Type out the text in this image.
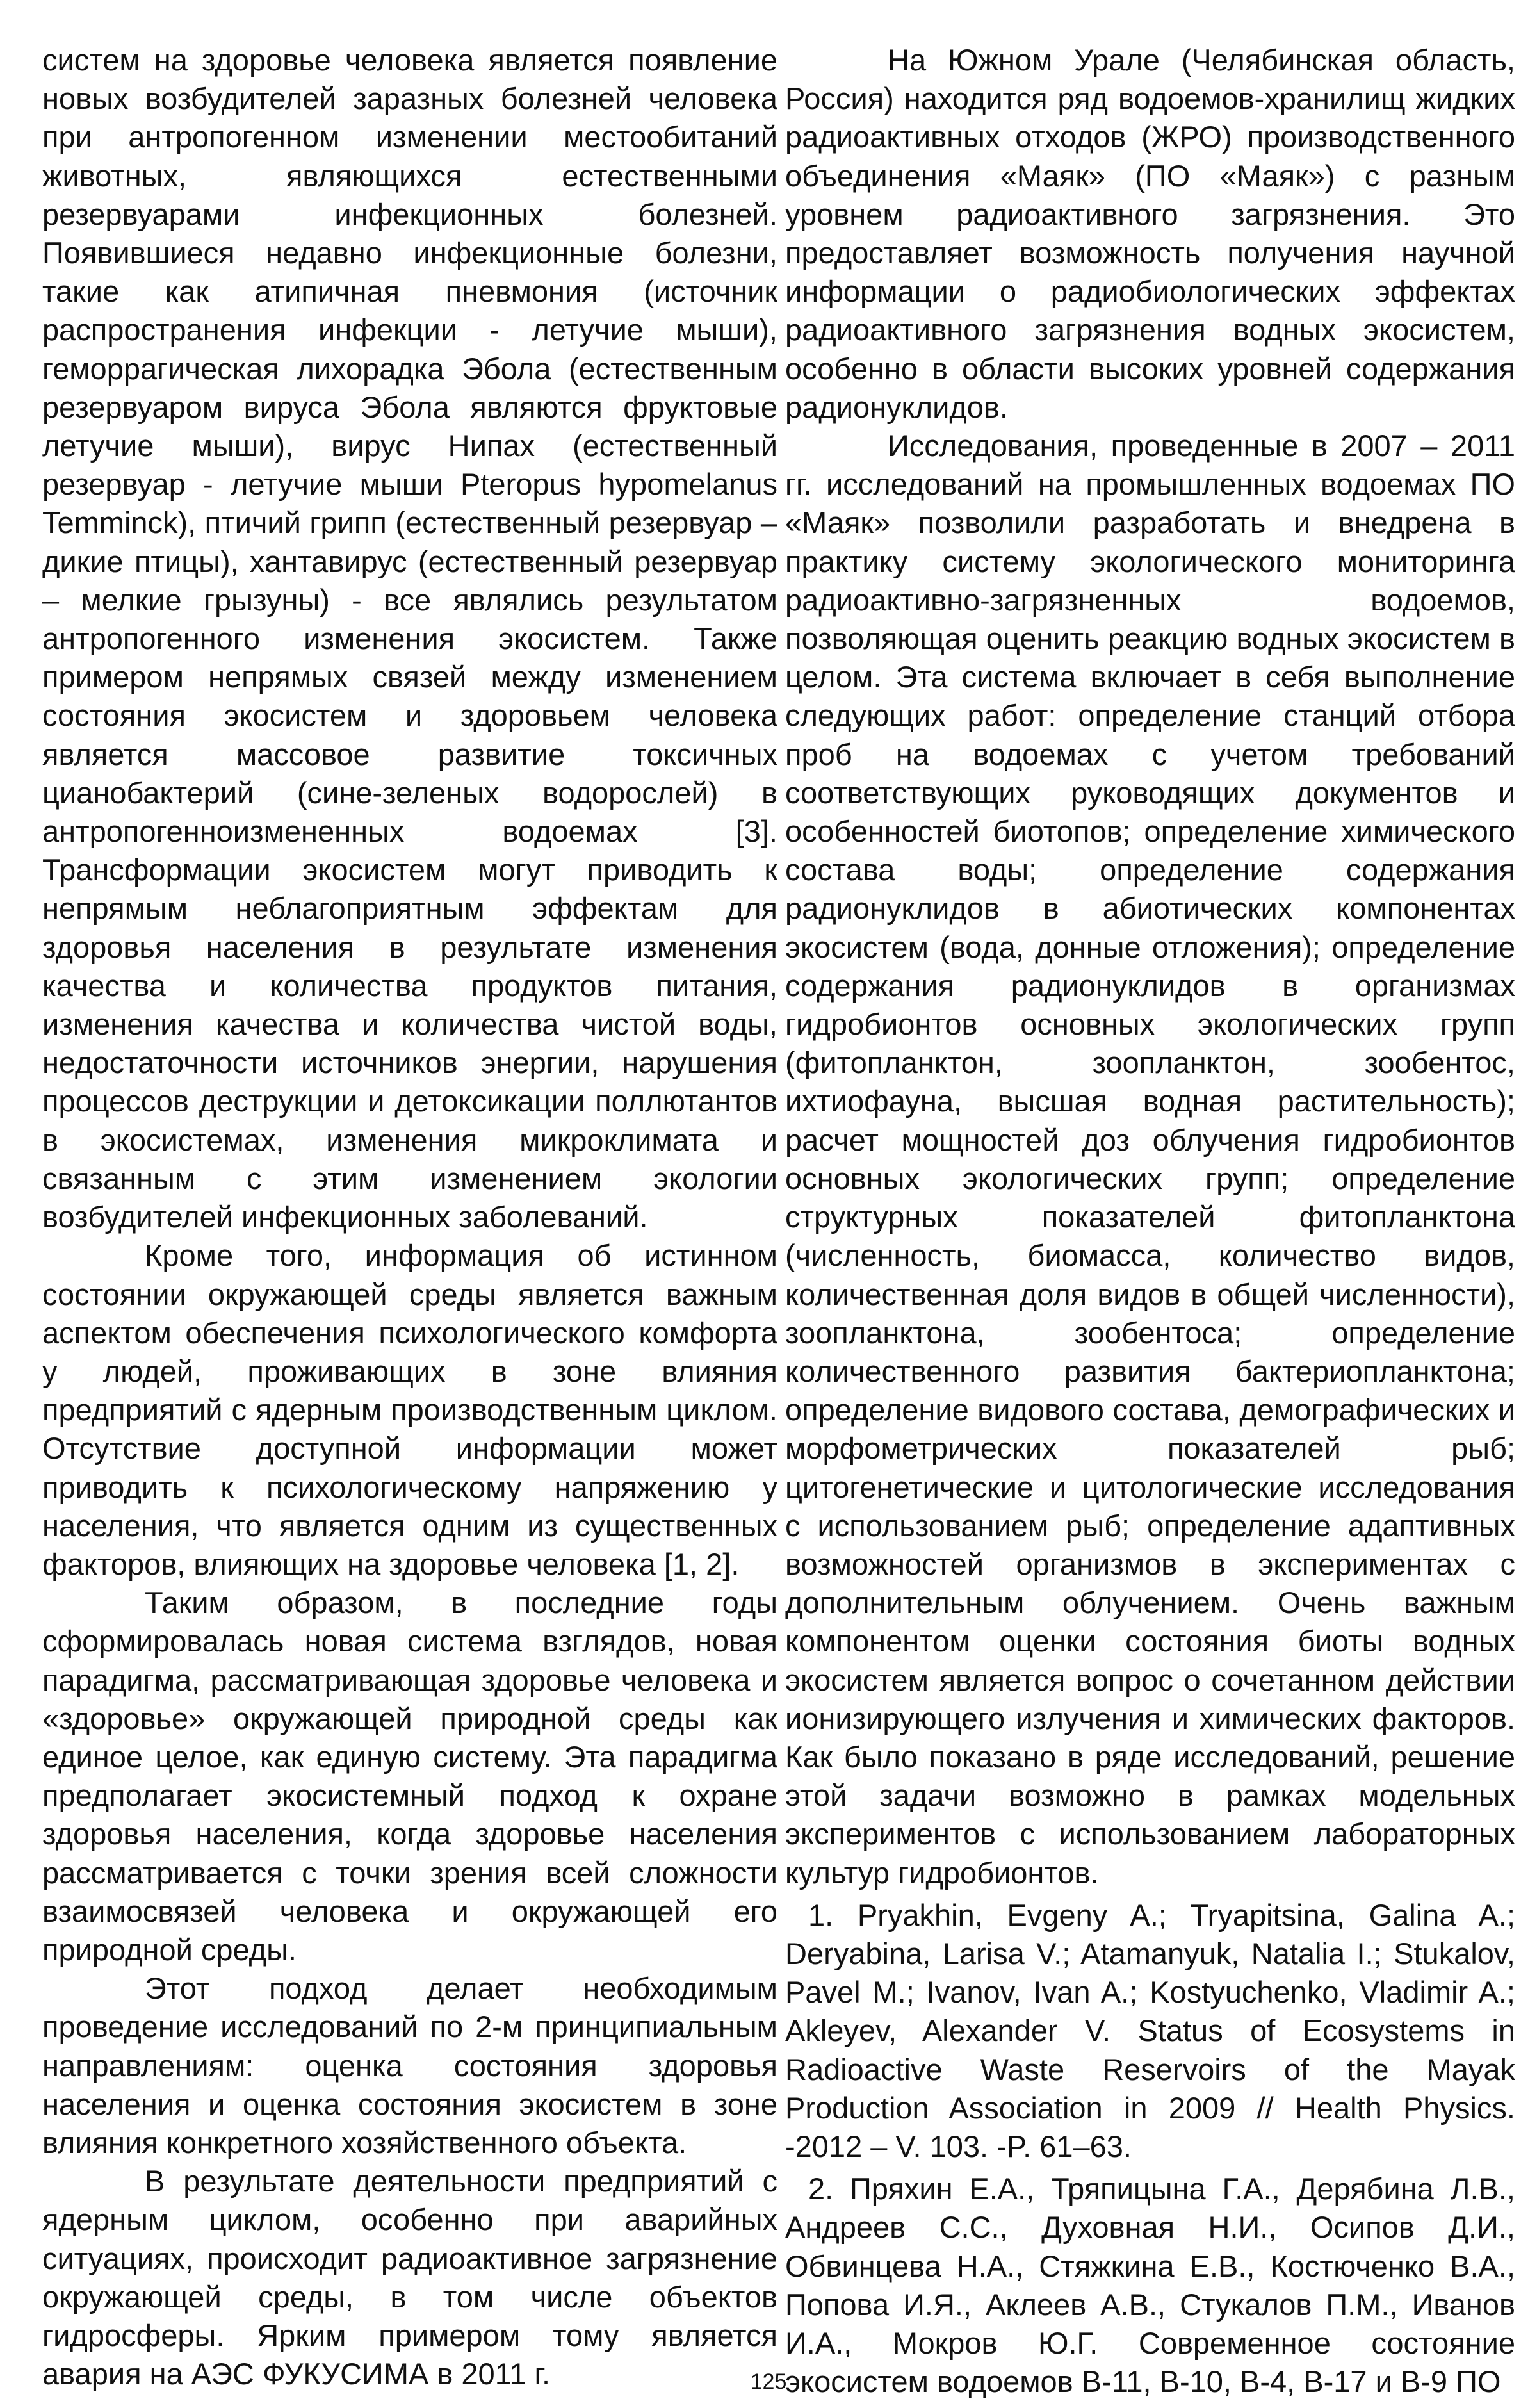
систем на здоровье человека является появление новых возбудителей заразных болезней человека при антропогенном изменении местообитаний животных, являющихся естественными резервуарами инфекционных болезней. Появившиеся недавно инфекционные болезни, такие как атипичная пневмония (источник распространения инфекции - летучие мыши), геморрагическая лихорадка Эбола (естественным резервуаром вируса Эбола являются фруктовые летучие мыши), вирус Нипах (естественный резервуар - летучие мыши Pteropus hypomelanus Temminck), птичий грипп (естественный резервуар – дикие птицы), хантавирус (естественный резервуар – мелкие грызуны) - все являлись результатом антропогенного изменения экосистем. Также примером непрямых связей между изменением состояния экосистем и здоровьем человека является массовое развитие токсичных цианобактерий (сине-зеленых водорослей) в антропогенноизмененных водоемах [3]. Трансформации экосистем могут приводить к непрямым неблагоприятным эффектам для здоровья населения в результате изменения качества и количества продуктов питания, изменения качества и количества чистой воды, недостаточности источников энергии, нарушения процессов деструкции и детоксикации поллютантов в экосистемах, изменения микроклимата и связанным с этим изменением экологии возбудителей инфекционных заболеваний.

Кроме того, информация об истинном состоянии окружающей среды является важным аспектом обеспечения психологического комфорта у людей, проживающих в зоне влияния предприятий с ядерным производственным циклом. Отсутствие доступной информации может приводить к психологическому напряжению у населения, что является одним из существенных факторов, влияющих на здоровье человека [1, 2].

Таким образом, в последние годы сформировалась новая система взглядов, новая парадигма, рассматривающая здоровье человека и «здоровье» окружающей природной среды как единое целое, как единую систему. Эта парадигма предполагает экосистемный подход к охране здоровья населения, когда здоровье населения рассматривается с точки зрения всей сложности взаимосвязей человека и окружающей его природной среды.

Этот подход делает необходимым проведение исследований по 2-м принципиальным направлениям: оценка состояния здоровья населения и оценка состояния экосистем в зоне влияния конкретного хозяйственного объекта.

В результате деятельности предприятий с ядерным циклом, особенно при аварийных ситуациях, происходит радиоактивное загрязнение окружающей среды, в том числе объектов гидросферы. Ярким примером тому является авария на АЭС ФУКУСИМА в 2011 г.

На Южном Урале (Челябинская область, Россия) находится ряд водоемов-хранилищ жидких радиоактивных отходов (ЖРО) производственного объединения «Маяк» (ПО «Маяк») с разным уровнем радиоактивного загрязнения. Это предоставляет возможность получения научной информации о радиобиологических эффектах радиоактивного загрязнения водных экосистем, особенно в области высоких уровней содержания радионуклидов.

Исследования, проведенные в 2007 – 2011 гг. исследований на промышленных водоемах ПО «Маяк» позволили разработать и внедрена в практику систему экологического мониторинга радиоактивно-загрязненных водоемов, позволяющая оценить реакцию водных экосистем в целом. Эта система включает в себя выполнение следующих работ: определение станций отбора проб на водоемах с учетом требований соответствующих руководящих документов и особенностей биотопов; определение химического состава воды; определение содержания радионуклидов в абиотических компонентах экосистем (вода, донные отложения); определение содержания радионуклидов в организмах гидробионтов основных экологических групп (фитопланктон, зоопланктон, зообентос, ихтиофауна, высшая водная растительность); расчет мощностей доз облучения гидробионтов основных экологических групп; определение структурных показателей фитопланктона (численность, биомасса, количество видов, количественная доля видов в общей численности), зоопланктона, зообентоса; определение количественного развития бактериопланктона; определение видового состава, демографических и морфометрических показателей рыб; цитогенетические и цитологические исследования с использованием рыб; определение адаптивных возможностей организмов в экспериментах с дополнительным облучением. Очень важным компонентом оценки состояния биоты водных экосистем является вопрос о сочетанном действии ионизирующего излучения и химических факторов. Как было показано в ряде исследований, решение этой задачи возможно в рамках модельных экспериментов с использованием лабораторных культур гидробионтов.

1. Pryakhin, Evgeny A.; Tryapitsina, Galina A.; Deryabina, Larisa V.; Atamanyuk, Natalia I.; Stukalov, Pavel M.; Ivanov, Ivan A.; Kostyuchenko, Vladimir A.; Akleyev, Alexander V. Status of Ecosystems in Radioactive Waste Reservoirs of the Mayak Production Association in 2009 // Health Physics. -2012 – V. 103. -P. 61–63.

2. Пряхин Е.А., Тряпицына Г.А., Дерябина Л.В., Андреев С.С., Духовная Н.И., Осипов Д.И., Обвинцева Н.А., Стяжкина Е.В., Костюченко В.А., Попова И.Я., Аклеев А.В., Стукалов П.М., Иванов И.А., Мокров Ю.Г. Современное состояние экосистем водоемов В-11, В-10, В-4, В-17 и В-9 ПО

125
